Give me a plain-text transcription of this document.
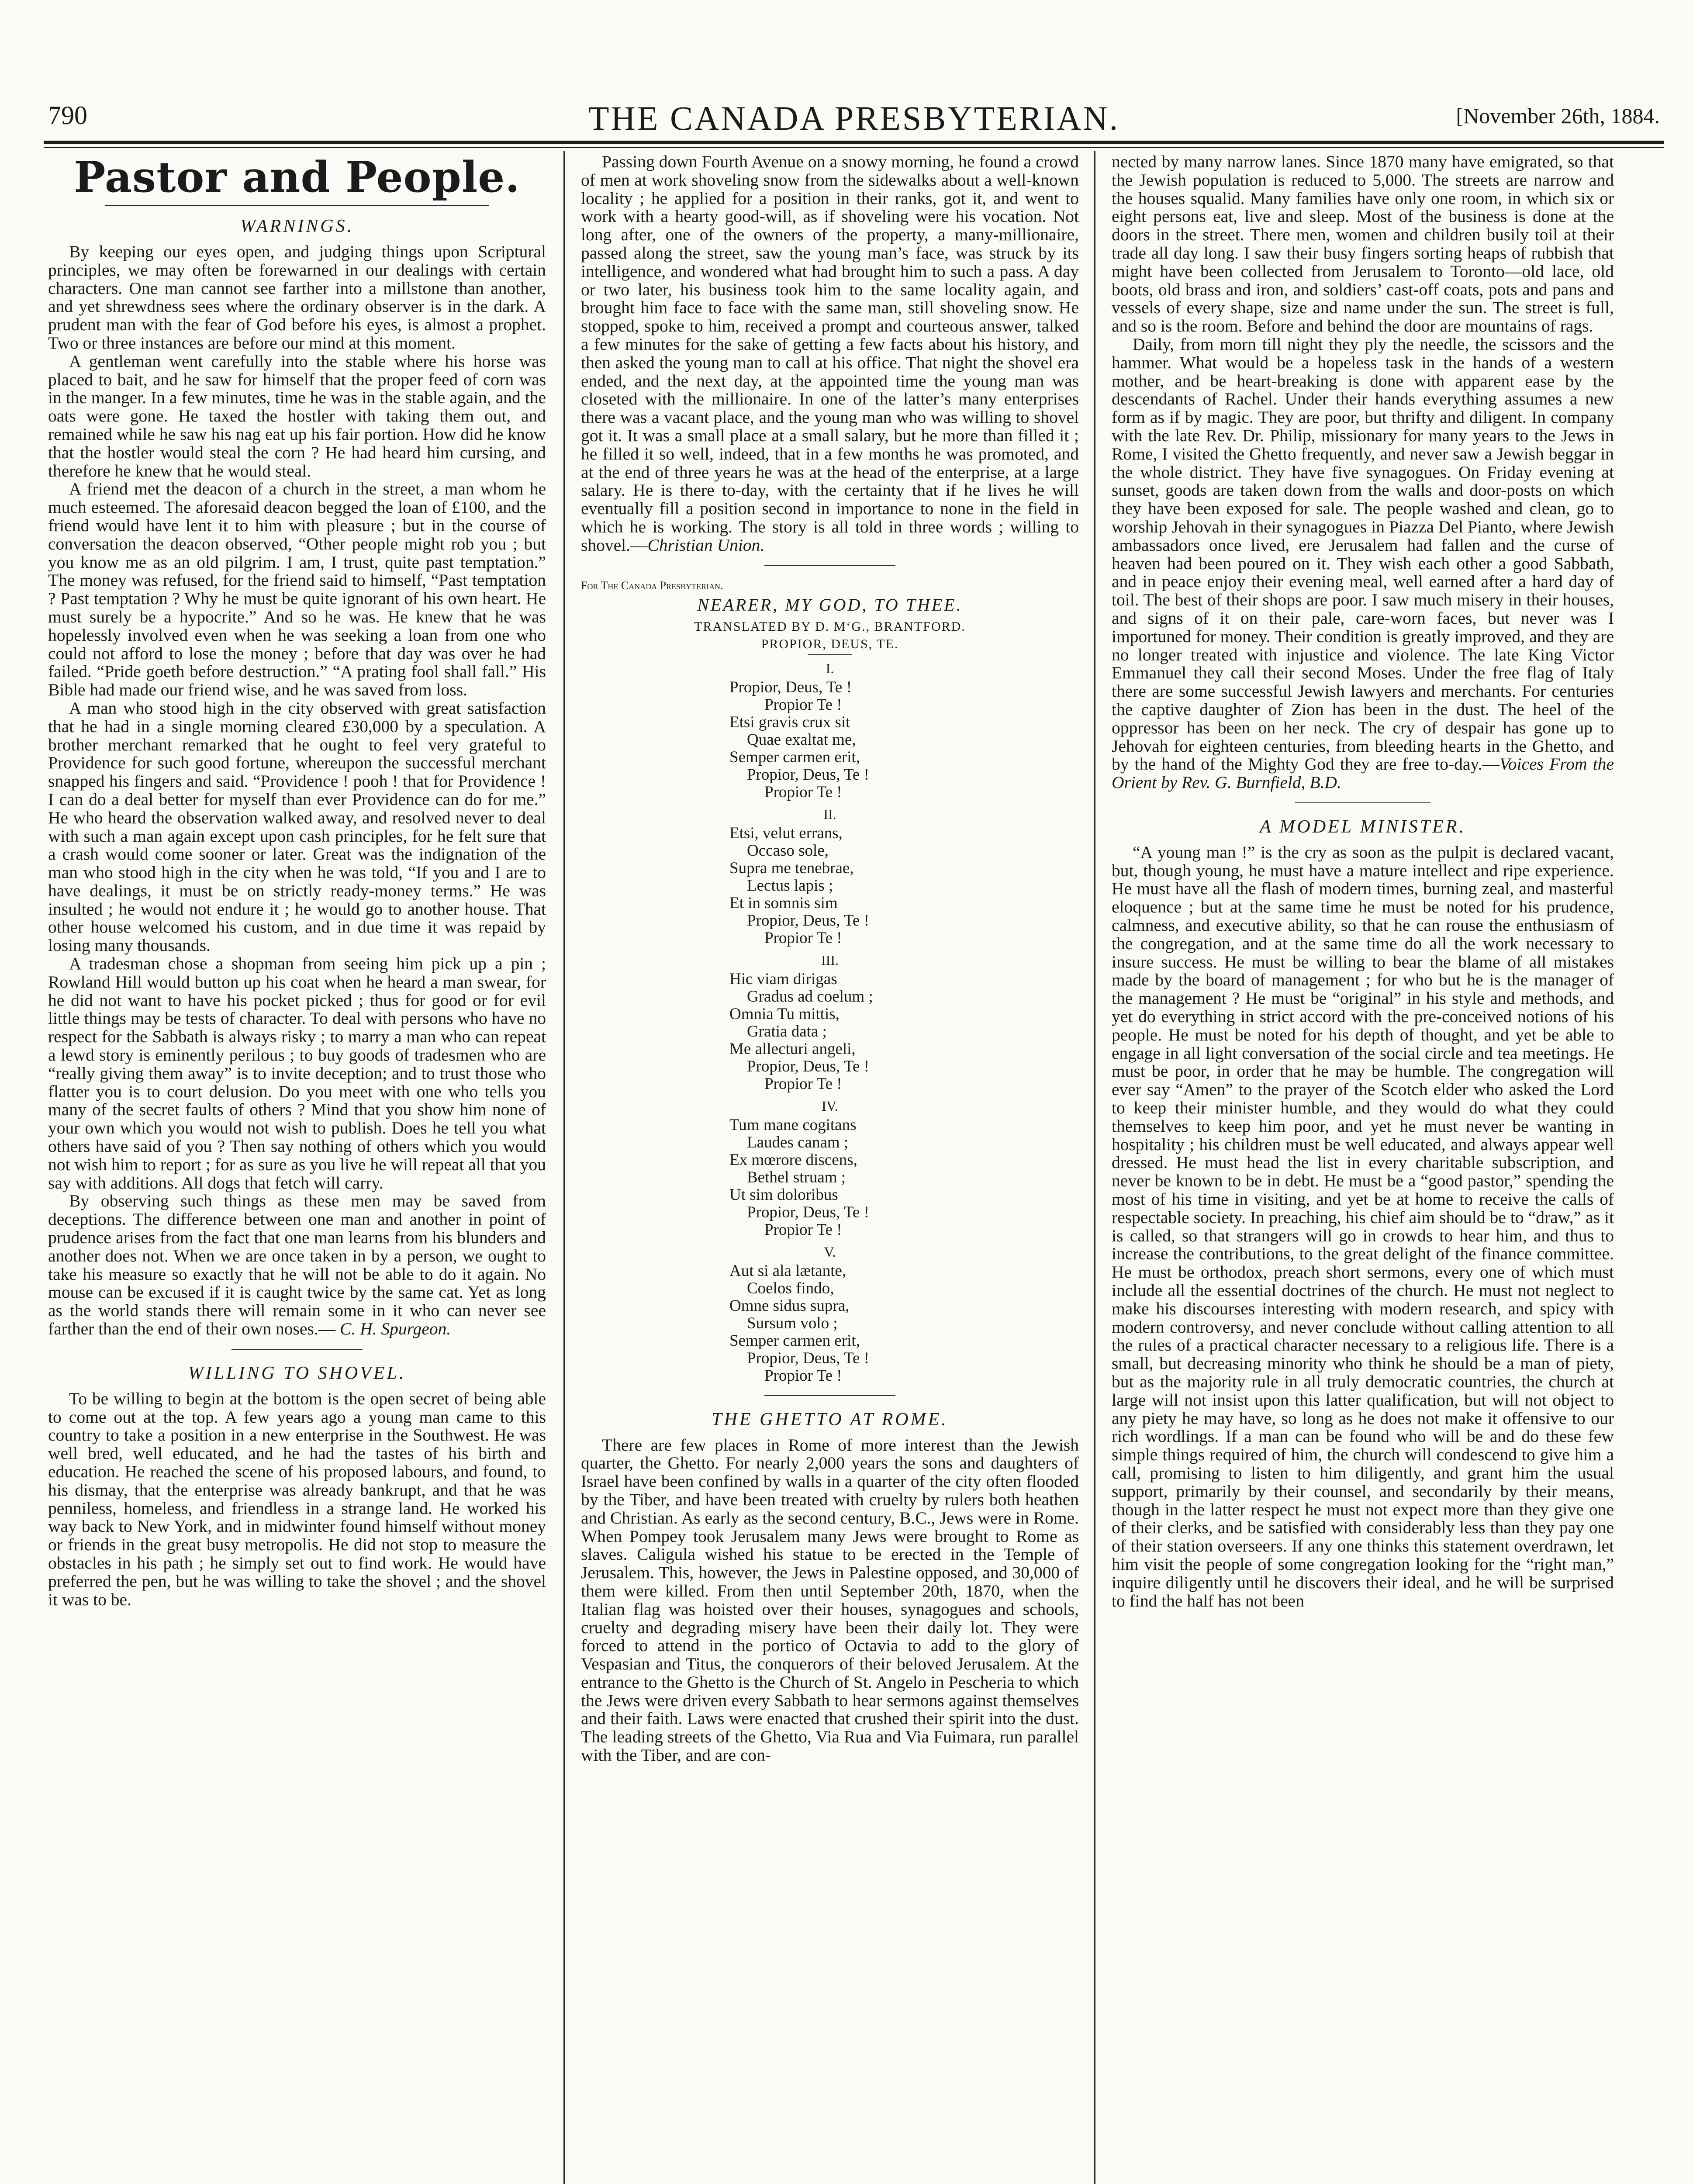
790	THE CANADA PRESBYTERIAN.	[November 26th, 1884.
Pastor and People.
WARNINGS.

By keeping our eyes open, and judging things upon Scriptural principles, we may often be forewarned in our dealings with certain characters. One man cannot see farther into a millstone than another, and yet shrewdness sees where the ordinary observer is in the dark. A prudent man with the fear of God before his eyes, is almost a prophet. Two or three instances are before our mind at this moment.

A gentleman went carefully into the stable where his horse was placed to bait, and he saw for himself that the proper feed of corn was in the manger. In a few minutes, time he was in the stable again, and the oats were gone. He taxed the hostler with taking them out, and remained while he saw his nag eat up his fair portion. How did he know that the hostler would steal the corn ? He had heard him cursing, and therefore he knew that he would steal.

A friend met the deacon of a church in the street, a man whom he much esteemed. The aforesaid deacon begged the loan of £100, and the friend would have lent it to him with pleasure ; but in the course of conversation the deacon observed, “Other people might rob you ; but you know me as an old pilgrim. I am, I trust, quite past temptation.” The money was refused, for the friend said to himself, “Past temptation ? Past temptation ? Why he must be quite ignorant of his own heart. He must surely be a hypocrite.” And so he was. He knew that he was hopelessly involved even when he was seeking a loan from one who could not afford to lose the money ; before that day was over he had failed. “Pride goeth before destruction.” “A prating fool shall fall.” His Bible had made our friend wise, and he was saved from loss.

A man who stood high in the city observed with great satisfaction that he had in a single morning cleared £30,000 by a speculation. A brother merchant remarked that he ought to feel very grateful to Providence for such good fortune, whereupon the successful merchant snapped his fingers and said. “Providence ! pooh ! that for Providence ! I can do a deal better for myself than ever Providence can do for me.” He who heard the observation walked away, and resolved never to deal with such a man again except upon cash principles, for he felt sure that a crash would come sooner or later. Great was the indignation of the man who stood high in the city when he was told, “If you and I are to have dealings, it must be on strictly ready-money terms.” He was insulted ; he would not endure it ; he would go to another house. That other house welcomed his custom, and in due time it was repaid by losing many thousands.

A tradesman chose a shopman from seeing him pick up a pin ; Rowland Hill would button up his coat when he heard a man swear, for he did not want to have his pocket picked ; thus for good or for evil little things may be tests of character. To deal with persons who have no respect for the Sabbath is always risky ; to marry a man who can repeat a lewd story is eminently perilous ; to buy goods of tradesmen who are “really giving them away” is to invite deception; and to trust those who flatter you is to court delusion. Do you meet with one who tells you many of the secret faults of others ? Mind that you show him none of your own which you would not wish to publish. Does he tell you what others have said of you ? Then say nothing of others which you would not wish him to report ; for as sure as you live he will repeat all that you say with additions. All dogs that fetch will carry.

By observing such things as these men may be saved from deceptions. The difference between one man and another in point of prudence arises from the fact that one man learns from his blunders and another does not. When we are once taken in by a person, we ought to take his measure so exactly that he will not be able to do it again. No mouse can be excused if it is caught twice by the same cat. Yet as long as the world stands there will remain some in it who can never see farther than the end of their own noses.— C. H. Spurgeon.

WILLING TO SHOVEL.

To be willing to begin at the bottom is the open secret of being able to come out at the top. A few years ago a young man came to this country to take a position in a new enterprise in the Southwest. He was well bred, well educated, and he had the tastes of his birth and education. He reached the scene of his proposed labours, and found, to his dismay, that the enterprise was already bankrupt, and that he was penniless, homeless, and friendless in a strange land. He worked his way back to New York, and in midwinter found himself without money or friends in the great busy metropolis. He did not stop to measure the obstacles in his path ; he simply set out to find work. He would have preferred the pen, but he was willing to take the shovel ; and the shovel it was to be.

Passing down Fourth Avenue on a snowy morning, he found a crowd of men at work shoveling snow from the sidewalks about a well-known locality ; he applied for a position in their ranks, got it, and went to work with a hearty good-will, as if shoveling were his vocation. Not long after, one of the owners of the property, a many-millionaire, passed along the street, saw the young man’s face, was struck by its intelligence, and wondered what had brought him to such a pass. A day or two later, his business took him to the same locality again, and brought him face to face with the same man, still shoveling snow. He stopped, spoke to him, received a prompt and courteous answer, talked a few minutes for the sake of getting a few facts about his history, and then asked the young man to call at his office. That night the shovel era ended, and the next day, at the appointed time the young man was closeted with the millionaire. In one of the latter’s many enterprises there was a vacant place, and the young man who was willing to shovel got it. It was a small place at a small salary, but he more than filled it ; he filled it so well, indeed, that in a few months he was promoted, and at the end of three years he was at the head of the enterprise, at a large salary. He is there to-day, with the certainty that if he lives he will eventually fill a position second in importance to none in the field in which he is working. The story is all told in three words ; willing to shovel.—Christian Union.

For The Canada Presbyterian.
NEARER, MY GOD, TO THEE.
TRANSLATED BY D. M‘G., BRANTFORD.
PROPIOR, DEUS, TE.
I.
Propior, Deus, Te !
Propior Te !
Etsi gravis crux sit
Quae exaltat me,
Semper carmen erit,
Propior, Deus, Te !
Propior Te !
II.
Etsi, velut errans,
Occaso sole,
Supra me tenebrae,
Lectus lapis ;
Et in somnis sim
Propior, Deus, Te !
Propior Te !
III.
Hic viam dirigas
Gradus ad coelum ;
Omnia Tu mittis,
Gratia data ;
Me allecturi angeli,
Propior, Deus, Te !
Propior Te !
IV.
Tum mane cogitans
Laudes canam ;
Ex mœrore discens,
Bethel struam ;
Ut sim doloribus
Propior, Deus, Te !
Propior Te !
V.
Aut si ala lætante,
Coelos findo,
Omne sidus supra,
Sursum volo ;
Semper carmen erit,
Propior, Deus, Te !
Propior Te !
THE GHETTO AT ROME.

There are few places in Rome of more interest than the Jewish quarter, the Ghetto. For nearly 2,000 years the sons and daughters of Israel have been confined by walls in a quarter of the city often flooded by the Tiber, and have been treated with cruelty by rulers both heathen and Christian. As early as the second century, B.C., Jews were in Rome. When Pompey took Jerusalem many Jews were brought to Rome as slaves. Caligula wished his statue to be erected in the Temple of Jerusalem. This, however, the Jews in Palestine opposed, and 30,000 of them were killed. From then until September 20th, 1870, when the Italian flag was hoisted over their houses, synagogues and schools, cruelty and degrading misery have been their daily lot. They were forced to attend in the portico of Octavia to add to the glory of Vespasian and Titus, the conquerors of their beloved Jerusalem. At the entrance to the Ghetto is the Church of St. Angelo in Pescheria to which the Jews were driven every Sabbath to hear sermons against themselves and their faith. Laws were enacted that crushed their spirit into the dust. The leading streets of the Ghetto, Via Rua and Via Fuimara, run parallel with the Tiber, and are con-

nected by many narrow lanes. Since 1870 many have emigrated, so that the Jewish population is reduced to 5,000. The streets are narrow and the houses squalid. Many families have only one room, in which six or eight persons eat, live and sleep. Most of the business is done at the doors in the street. There men, women and children busily toil at their trade all day long. I saw their busy fingers sorting heaps of rubbish that might have been collected from Jerusalem to Toronto—old lace, old boots, old brass and iron, and soldiers’ cast-off coats, pots and pans and vessels of every shape, size and name under the sun. The street is full, and so is the room. Before and behind the door are mountains of rags.

Daily, from morn till night they ply the needle, the scissors and the hammer. What would be a hopeless task in the hands of a western mother, and be heart-breaking is done with apparent ease by the descendants of Rachel. Under their hands everything assumes a new form as if by magic. They are poor, but thrifty and diligent. In company with the late Rev. Dr. Philip, missionary for many years to the Jews in Rome, I visited the Ghetto frequently, and never saw a Jewish beggar in the whole district. They have five synagogues. On Friday evening at sunset, goods are taken down from the walls and door-posts on which they have been exposed for sale. The people washed and clean, go to worship Jehovah in their synagogues in Piazza Del Pianto, where Jewish ambassadors once lived, ere Jerusalem had fallen and the curse of heaven had been poured on it. They wish each other a good Sabbath, and in peace enjoy their evening meal, well earned after a hard day of toil. The best of their shops are poor. I saw much misery in their houses, and signs of it on their pale, care-worn faces, but never was I importuned for money. Their condition is greatly improved, and they are no longer treated with injustice and violence. The late King Victor Emmanuel they call their second Moses. Under the free flag of Italy there are some successful Jewish lawyers and merchants. For centuries the captive daughter of Zion has been in the dust. The heel of the oppressor has been on her neck. The cry of despair has gone up to Jehovah for eighteen centuries, from bleeding hearts in the Ghetto, and by the hand of the Mighty God they are free to-day.—Voices From the Orient by Rev. G. Burnfield, B.D.

A MODEL MINISTER.

“A young man !” is the cry as soon as the pulpit is declared vacant, but, though young, he must have a mature intellect and ripe experience. He must have all the flash of modern times, burning zeal, and masterful eloquence ; but at the same time he must be noted for his prudence, calmness, and executive ability, so that he can rouse the enthusiasm of the congregation, and at the same time do all the work necessary to insure success. He must be willing to bear the blame of all mistakes made by the board of management ; for who but he is the manager of the management ? He must be “original” in his style and methods, and yet do everything in strict accord with the pre-conceived notions of his people. He must be noted for his depth of thought, and yet be able to engage in all light conversation of the social circle and tea meetings. He must be poor, in order that he may be humble. The congregation will ever say “Amen” to the prayer of the Scotch elder who asked the Lord to keep their minister humble, and they would do what they could themselves to keep him poor, and yet he must never be wanting in hospitality ; his children must be well educated, and always appear well dressed. He must head the list in every charitable subscription, and never be known to be in debt. He must be a “good pastor,” spending the most of his time in visiting, and yet be at home to receive the calls of respectable society. In preaching, his chief aim should be to “draw,” as it is called, so that strangers will go in crowds to hear him, and thus to increase the contributions, to the great delight of the finance committee. He must be orthodox, preach short sermons, every one of which must include all the essential doctrines of the church. He must not neglect to make his discourses interesting with modern research, and spicy with modern controversy, and never conclude without calling attention to all the rules of a practical character necessary to a religious life. There is a small, but decreasing minority who think he should be a man of piety, but as the majority rule in all truly democratic countries, the church at large will not insist upon this latter qualification, but will not object to any piety he may have, so long as he does not make it offensive to our rich wordlings. If a man can be found who will be and do these few simple things required of him, the church will condescend to give him a call, promising to listen to him diligently, and grant him the usual support, primarily by their counsel, and secondarily by their means, though in the latter respect he must not expect more than they give one of their clerks, and be satisfied with considerably less than they pay one of their station overseers. If any one thinks this statement overdrawn, let him visit the people of some congregation looking for the “right man,” inquire diligently until he discovers their ideal, and he will be surprised to find the half has not been
